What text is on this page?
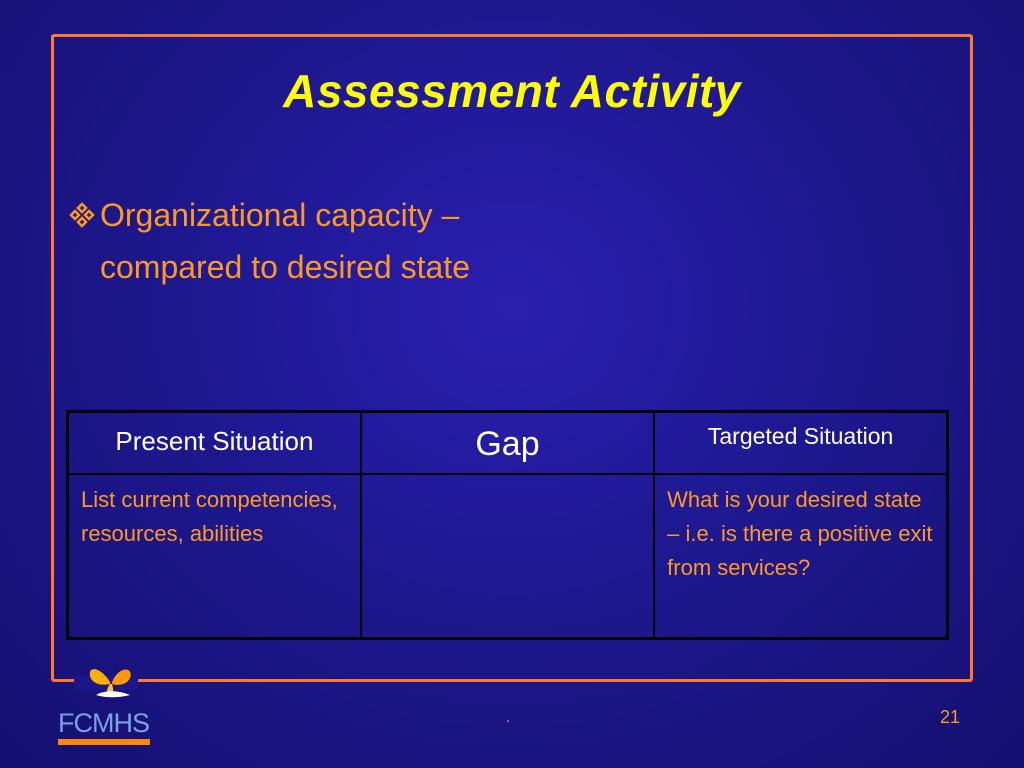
Assessment Activity
Organizational capacity – compared to desired state
Present Situation	Gap	Targeted Situation
List current competencies, resources, abilities		What is your desired state – i.e. is there a positive exit from services?
FCMHS	.	21
